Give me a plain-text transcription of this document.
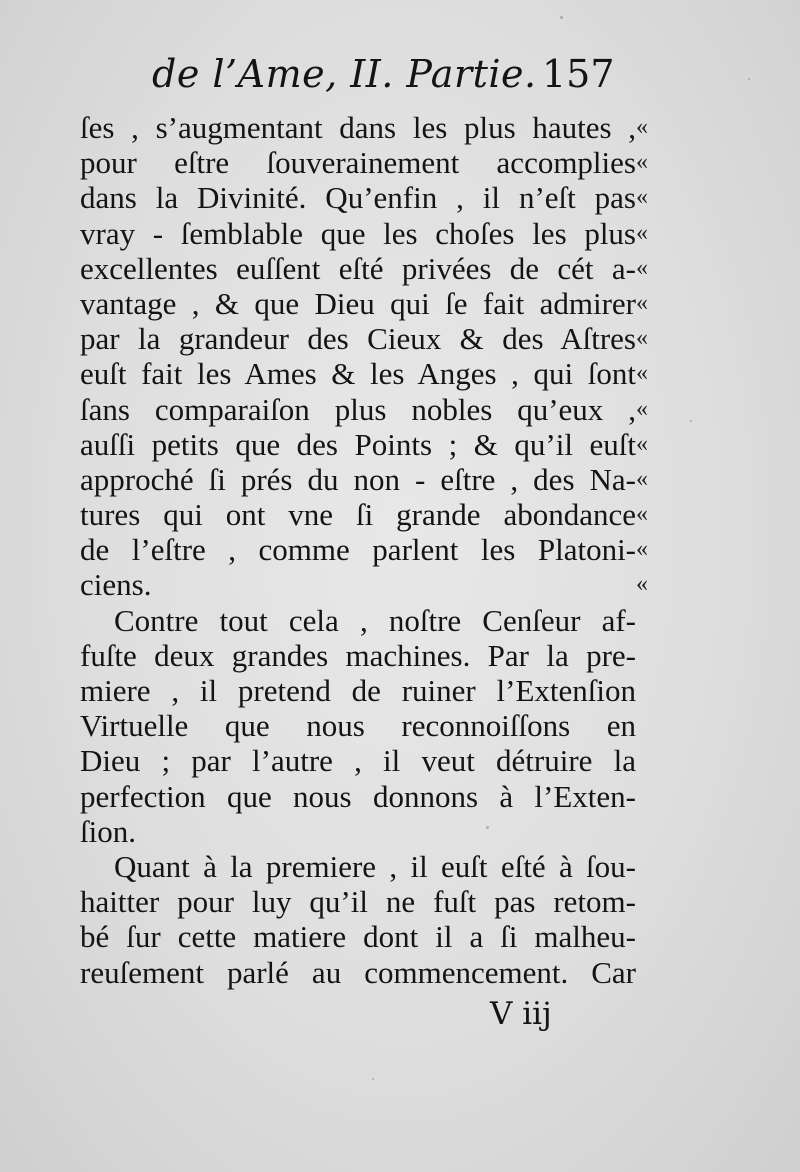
de l’Ame, II. Partie. 157
ſes , s’augmentant dans les plus hautes ,
pour eſtre ſouverainement accomplies
dans la Divinité. Qu’enfin , il n’eſt pas
vray - ſemblable que les choſes les plus
excellentes euſſent eſté privées de cét a-
vantage , & que Dieu qui ſe fait admirer
par la grandeur des Cieux & des Aſtres
euſt fait les Ames & les Anges , qui ſont
ſans comparaiſon plus nobles qu’eux ,
auſſi petits que des Points ; & qu’il euſt
approché ſi prés du non - eſtre , des Na-
tures qui ont vne ſi grande abondance
de l’eſtre , comme parlent les Platoni-
ciens.
Contre tout cela , noſtre Cenſeur af-
fuſte deux grandes machines. Par la pre-
miere , il pretend de ruiner l’Extenſion
Virtuelle que nous reconnoiſſons en
Dieu ; par l’autre , il veut détruire la
perfection que nous donnons à l’Exten-
ſion.
Quant à la premiere , il euſt eſté à ſou-
haitter pour luy qu’il ne fuſt pas retom-
bé ſur cette matiere dont il a ſi malheu-
reuſement parlé au commencement. Car
«
«
«
«
«
«
«
«
«
«
«
«
«
«
V iij
